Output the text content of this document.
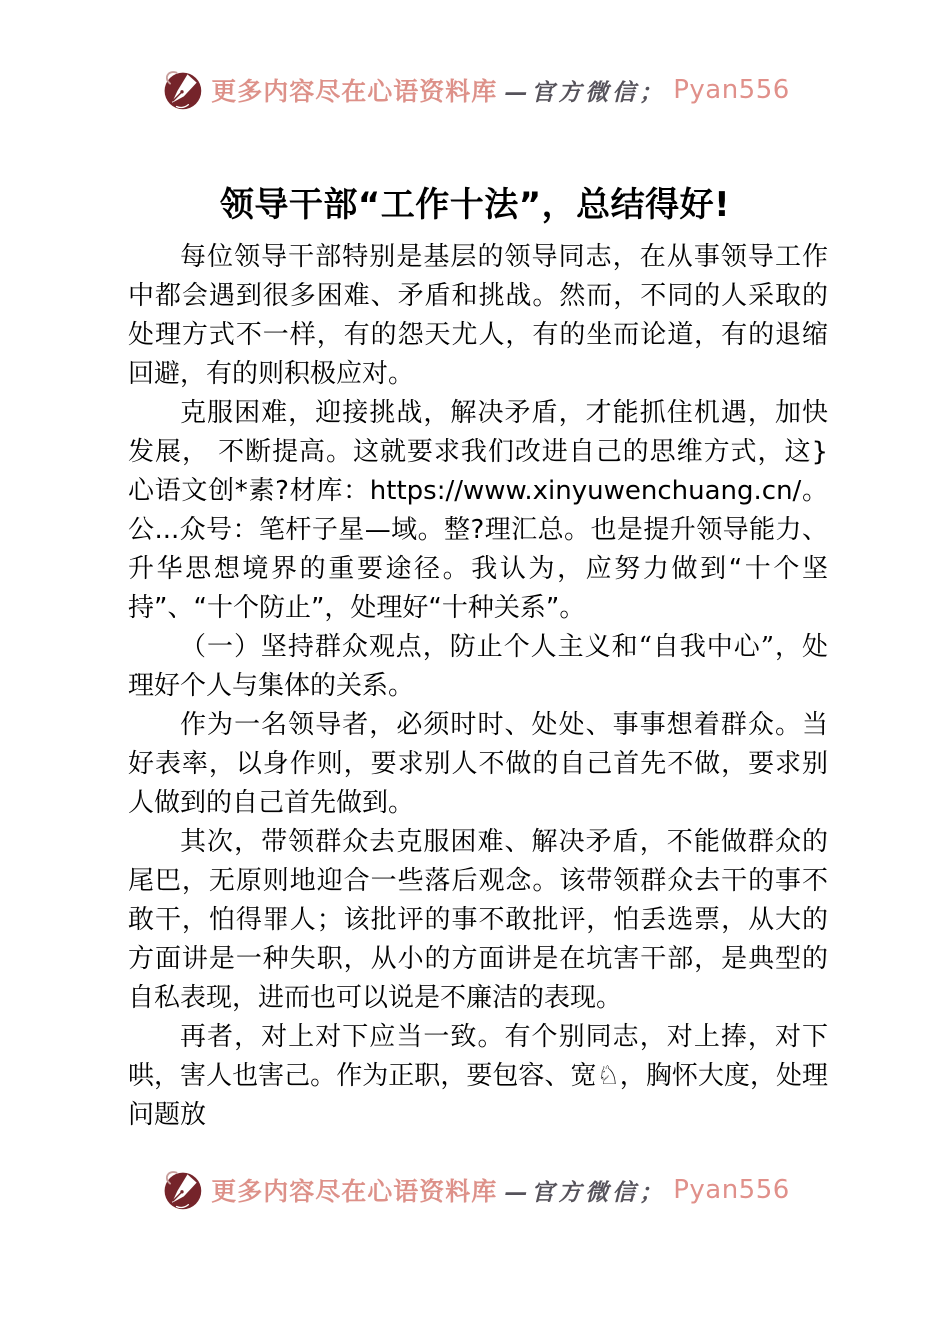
更多内容尽在心语资料库 —官方微信； Pyan556
领导干部“工作十法”，总结得好!

每位领导干部特别是基层的领导同志，在从事领导工作中都会遇到很多困难、矛盾和挑战。然而，不同的人采取的处理方式不一样，有的怨天尤人，有的坐而论道，有的退缩回避，有的则积极应对。

克服困难，迎接挑战，解决矛盾，才能抓住机遇，加快发展， 不断提高。这就要求我们改进自己的思维方式，这}心语文创*素?材库：https://www.xinyuwenchuang.cn/。公...众号：笔杆子星—域。整?理汇总。也是提升领导能力、升华思想境界的重要途径。我认为，应努力做到“十个坚持”、“十个防止”，处理好“十种关系”。

（一）坚持群众观点，防止个人主义和“自我中心”，处理好个人与集体的关系。

作为一名领导者，必须时时、处处、事事想着群众。当好表率，以身作则，要求别人不做的自己首先不做，要求别人做到的自己首先做到。

其次，带领群众去克服困难、解决矛盾，不能做群众的尾巴，无原则地迎合一些落后观念。该带领群众去干的事不敢干，怕得罪人；该批评的事不敢批评，怕丢选票，从大的方面讲是一种失职，从小的方面讲是在坑害干部，是典型的自私表现，进而也可以说是不廉洁的表现。

再者，对上对下应当一致。有个别同志，对上捧，对下哄，害人也害己。作为正职，要包容、宽♘，胸怀大度，处理问题放

更多内容尽在心语资料库 —官方微信； Pyan556
